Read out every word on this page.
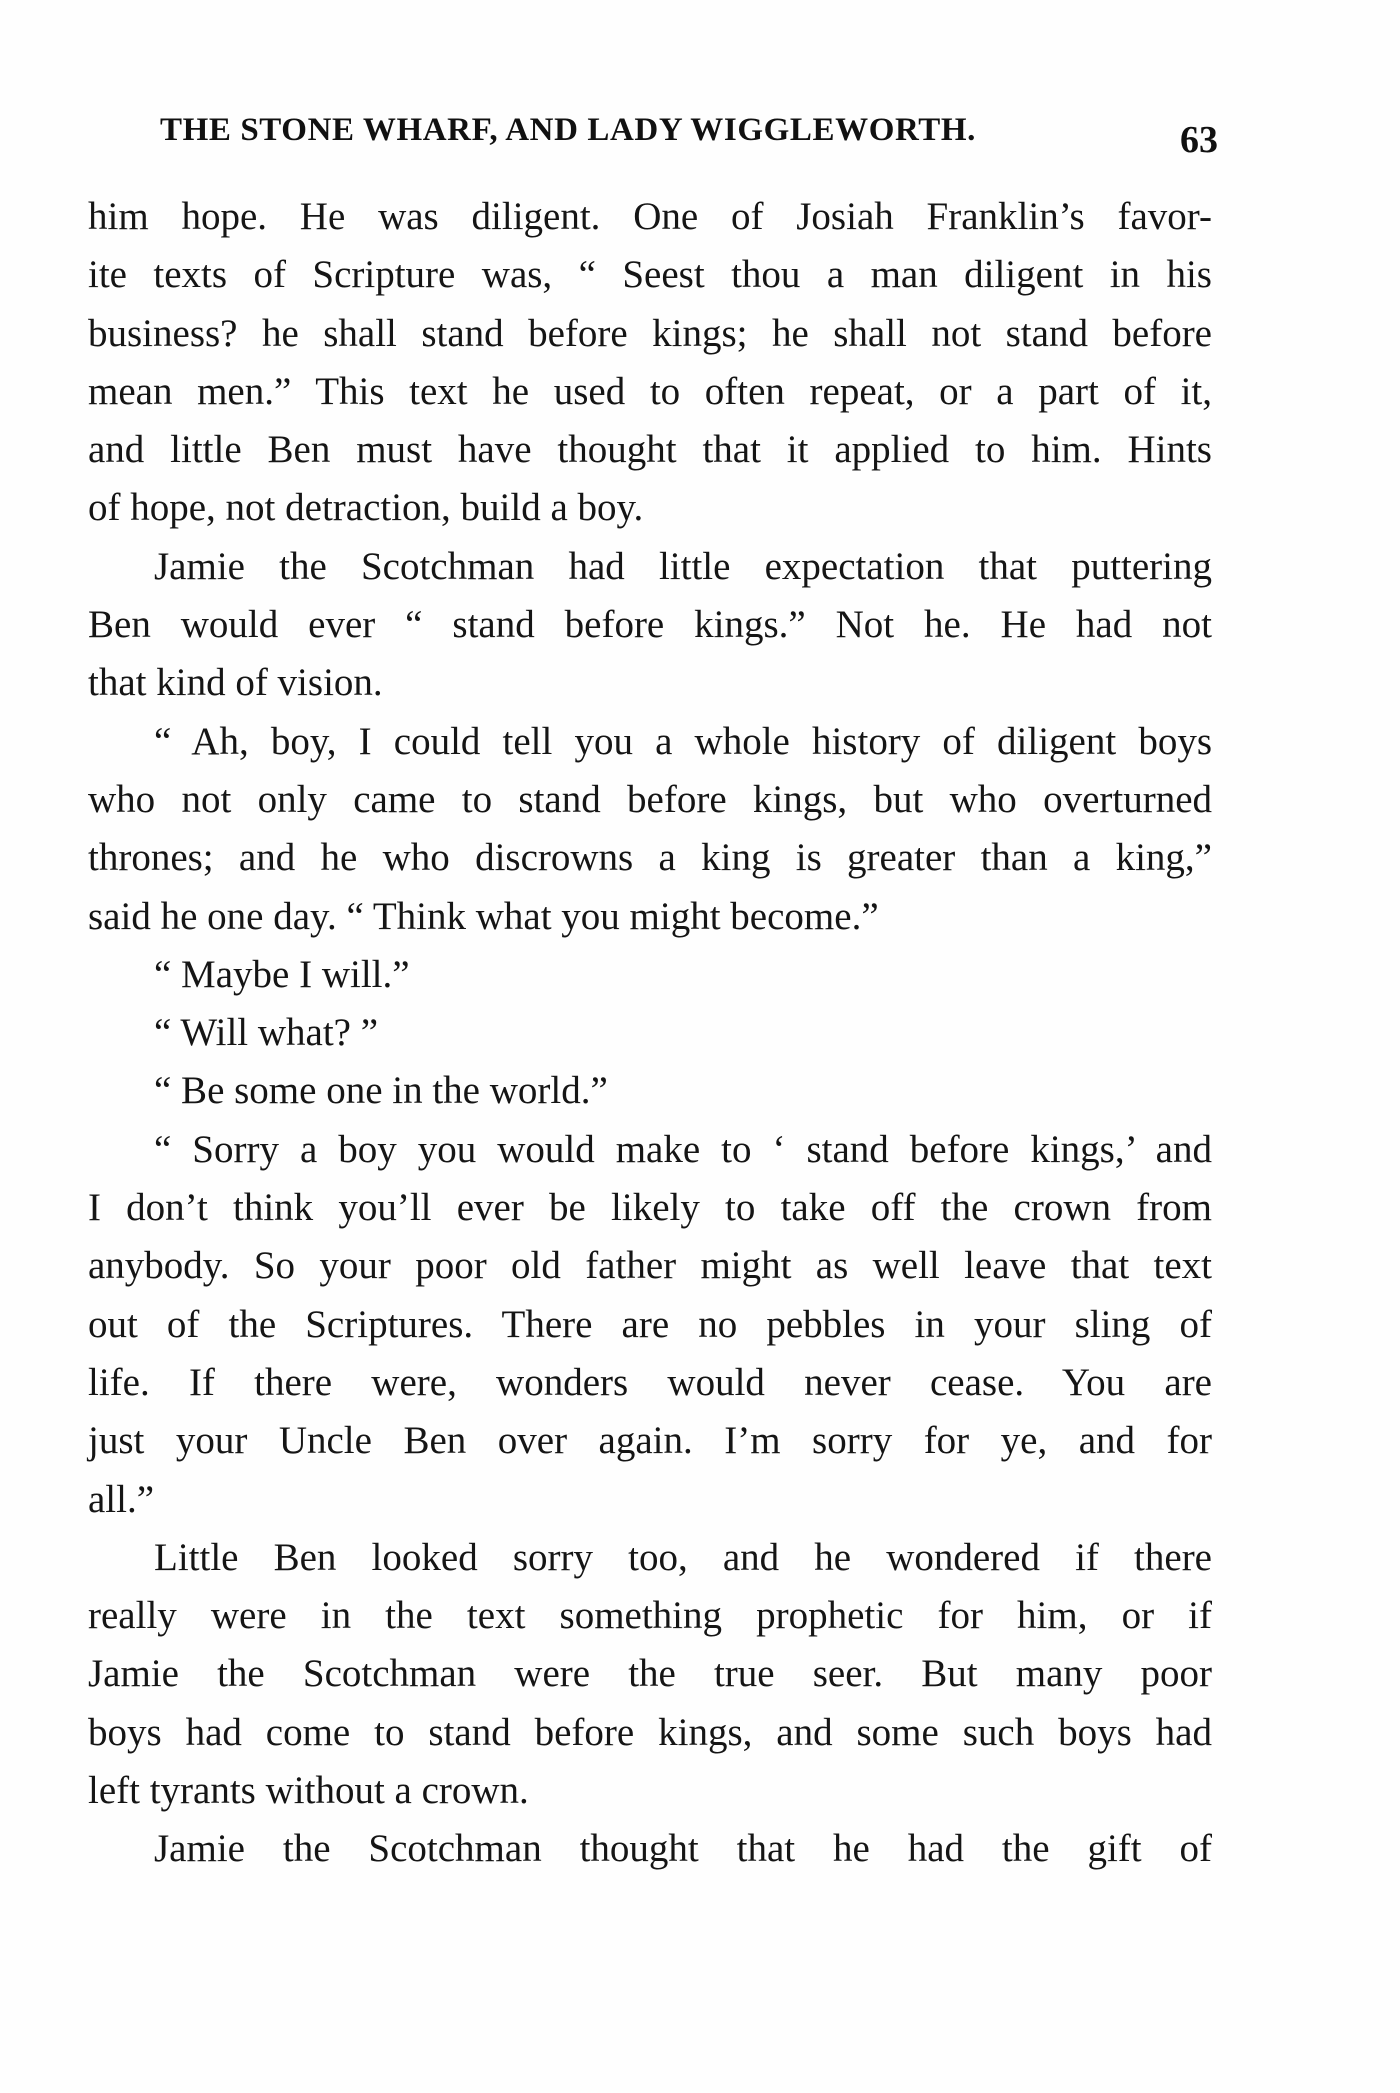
THE STONE WHARF, AND LADY WIGGLEWORTH.	63
him hope. He was diligent. One of Josiah Franklin’s favor-
ite texts of Scripture was, “ Seest thou a man diligent in his
business? he shall stand before kings; he shall not stand before
mean men.” This text he used to often repeat, or a part of it,
and little Ben must have thought that it applied to him. Hints
of hope, not detraction, build a boy.
Jamie the Scotchman had little expectation that puttering
Ben would ever “ stand before kings.” Not he. He had not
that kind of vision.
“ Ah, boy, I could tell you a whole history of diligent boys
who not only came to stand before kings, but who overturned
thrones; and he who discrowns a king is greater than a king,”
said he one day. “ Think what you might become.”
“ Maybe I will.”
“ Will what? ”
“ Be some one in the world.”
“ Sorry a boy you would make to ‘ stand before kings,’ and
I don’t think you’ll ever be likely to take off the crown from
anybody. So your poor old father might as well leave that text
out of the Scriptures. There are no pebbles in your sling of
life. If there were, wonders would never cease. You are
just your Uncle Ben over again. I’m sorry for ye, and for
all.”
Little Ben looked sorry too, and he wondered if there
really were in the text something prophetic for him, or if
Jamie the Scotchman were the true seer. But many poor
boys had come to stand before kings, and some such boys had
left tyrants without a crown.
Jamie the Scotchman thought that he had the gift of
